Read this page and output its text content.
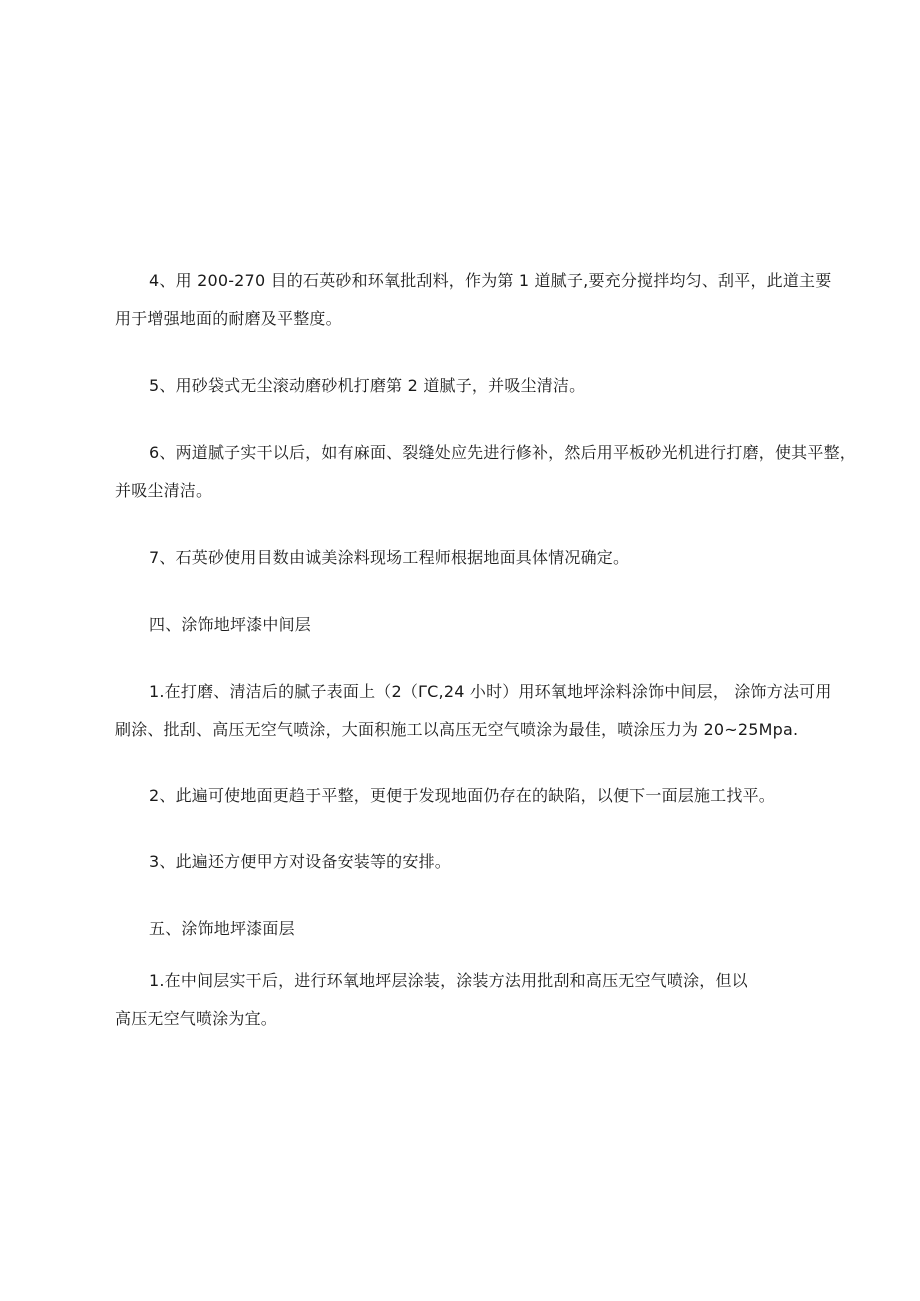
4、用 200-270 目的石英砂和环氧批刮料，作为第 1 道腻子,要充分搅拌均匀、刮平，此道主要
用于增强地面的耐磨及平整度。
5、用砂袋式无尘滚动磨砂机打磨第 2 道腻子，并吸尘清洁。
6、两道腻子实干以后，如有麻面、裂缝处应先进行修补，然后用平板砂光机进行打磨，使其平整，
并吸尘清洁。
7、石英砂使用目数由诚美涂料现场工程师根据地面具体情况确定。
四、涂饰地坪漆中间层
1.在打磨、清洁后的腻子表面上（2（ΓC,24 小时）用环氧地坪涂料涂饰中间层， 涂饰方法可用
刷涂、批刮、高压无空气喷涂，大面积施工以高压无空气喷涂为最佳，喷涂压力为 20~25Mpa.
2、此遍可使地面更趋于平整，更便于发现地面仍存在的缺陷，以便下一面层施工找平。
3、此遍还方便甲方对设备安装等的安排。
五、涂饰地坪漆面层
1.在中间层实干后，进行环氧地坪层涂装，涂装方法用批刮和高压无空气喷涂，但以
高压无空气喷涂为宜。
